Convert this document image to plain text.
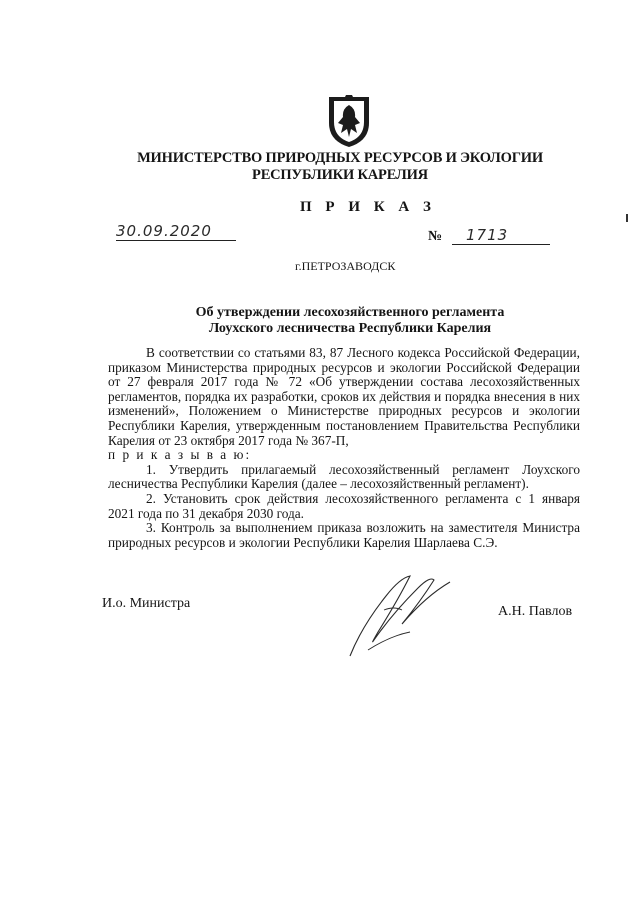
МИНИСТЕРСТВО ПРИРОДНЫХ РЕСУРСОВ И ЭКОЛОГИИ
РЕСПУБЛИКИ КАРЕЛИЯ
П Р И К А З
30.09.2020	№	1713
г.ПЕТРОЗАВОДСК
Об утверждении лесохозяйственного регламента
Лоухского лесничества Республики Карелия

В соответствии со статьями 83, 87 Лесного кодекса Российской Федерации, приказом Министерства природных ресурсов и экологии Российской Федерации от 27 февраля 2017 года № 72 «Об утверждении состава лесохозяйственных регламентов, порядка их разработки, сроков их действия и порядка внесения в них изменений», Положением о Министерстве природных ресурсов и экологии Республики Карелия, утвержденным постановлением Правительства Республики Карелия от 23 октября 2017 года № 367-П,

п р и к а з ы в а ю:

1. Утвердить прилагаемый лесохозяйственный регламент Лоухского лесничества Республики Карелия (далее – лесохозяйственный регламент).

2. Установить срок действия лесохозяйственного регламента с 1 января 2021 года по 31 декабря 2030 года.

3. Контроль за выполнением приказа возложить на заместителя Министра природных ресурсов и экологии Республики Карелия Шарлаева С.Э.

И.о. Министра
А.Н. Павлов
